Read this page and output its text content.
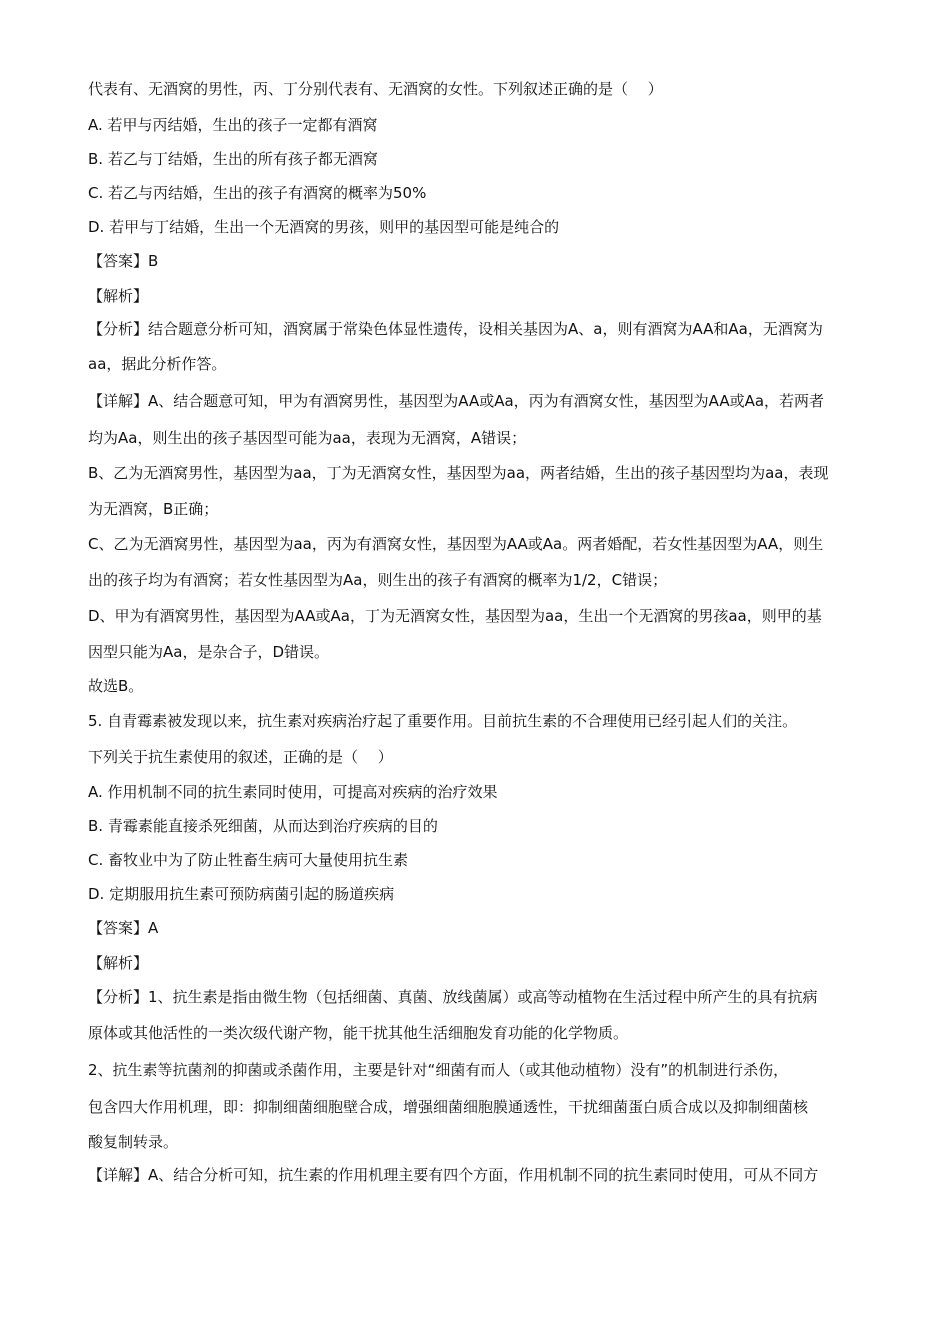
代表有、无酒窝的男性，丙、丁分别代表有、无酒窝的女性。下列叙述正确的是（　 ）
A. 若甲与丙结婚，生出的孩子一定都有酒窝
B. 若乙与丁结婚，生出的所有孩子都无酒窝
C. 若乙与丙结婚，生出的孩子有酒窝的概率为50%
D. 若甲与丁结婚，生出一个无酒窝的男孩，则甲的基因型可能是纯合的
【答案】B
【解析】
【分析】结合题意分析可知，酒窝属于常染色体显性遗传，设相关基因为A、a，则有酒窝为AA和Aa，无酒窝为
aa，据此分析作答。
【详解】A、结合题意可知，甲为有酒窝男性，基因型为AA或Aa，丙为有酒窝女性，基因型为AA或Aa，若两者
均为Aa，则生出的孩子基因型可能为aa，表现为无酒窝，A错误；
B、乙为无酒窝男性，基因型为aa，丁为无酒窝女性，基因型为aa，两者结婚，生出的孩子基因型均为aa，表现
为无酒窝，B正确；
C、乙为无酒窝男性，基因型为aa，丙为有酒窝女性，基因型为AA或Aa。两者婚配，若女性基因型为AA，则生
出的孩子均为有酒窝；若女性基因型为Aa，则生出的孩子有酒窝的概率为1/2，C错误；
D、甲为有酒窝男性，基因型为AA或Aa，丁为无酒窝女性，基因型为aa，生出一个无酒窝的男孩aa，则甲的基
因型只能为Aa，是杂合子，D错误。
故选B。
5. 自青霉素被发现以来，抗生素对疾病治疗起了重要作用。目前抗生素的不合理使用已经引起人们的关注。
下列关于抗生素使用的叙述，正确的是（　 ）
A. 作用机制不同的抗生素同时使用，可提高对疾病的治疗效果
B. 青霉素能直接杀死细菌，从而达到治疗疾病的目的
C. 畜牧业中为了防止牲畜生病可大量使用抗生素
D. 定期服用抗生素可预防病菌引起的肠道疾病
【答案】A
【解析】
【分析】1、抗生素是指由微生物（包括细菌、真菌、放线菌属）或高等动植物在生活过程中所产生的具有抗病
原体或其他活性的一类次级代谢产物，能干扰其他生活细胞发育功能的化学物质。
2、抗生素等抗菌剂的抑菌或杀菌作用，主要是针对“细菌有而人（或其他动植物）没有”的机制进行杀伤，
包含四大作用机理，即：抑制细菌细胞壁合成，增强细菌细胞膜通透性，干扰细菌蛋白质合成以及抑制细菌核
酸复制转录。
【详解】A、结合分析可知，抗生素的作用机理主要有四个方面，作用机制不同的抗生素同时使用，可从不同方
